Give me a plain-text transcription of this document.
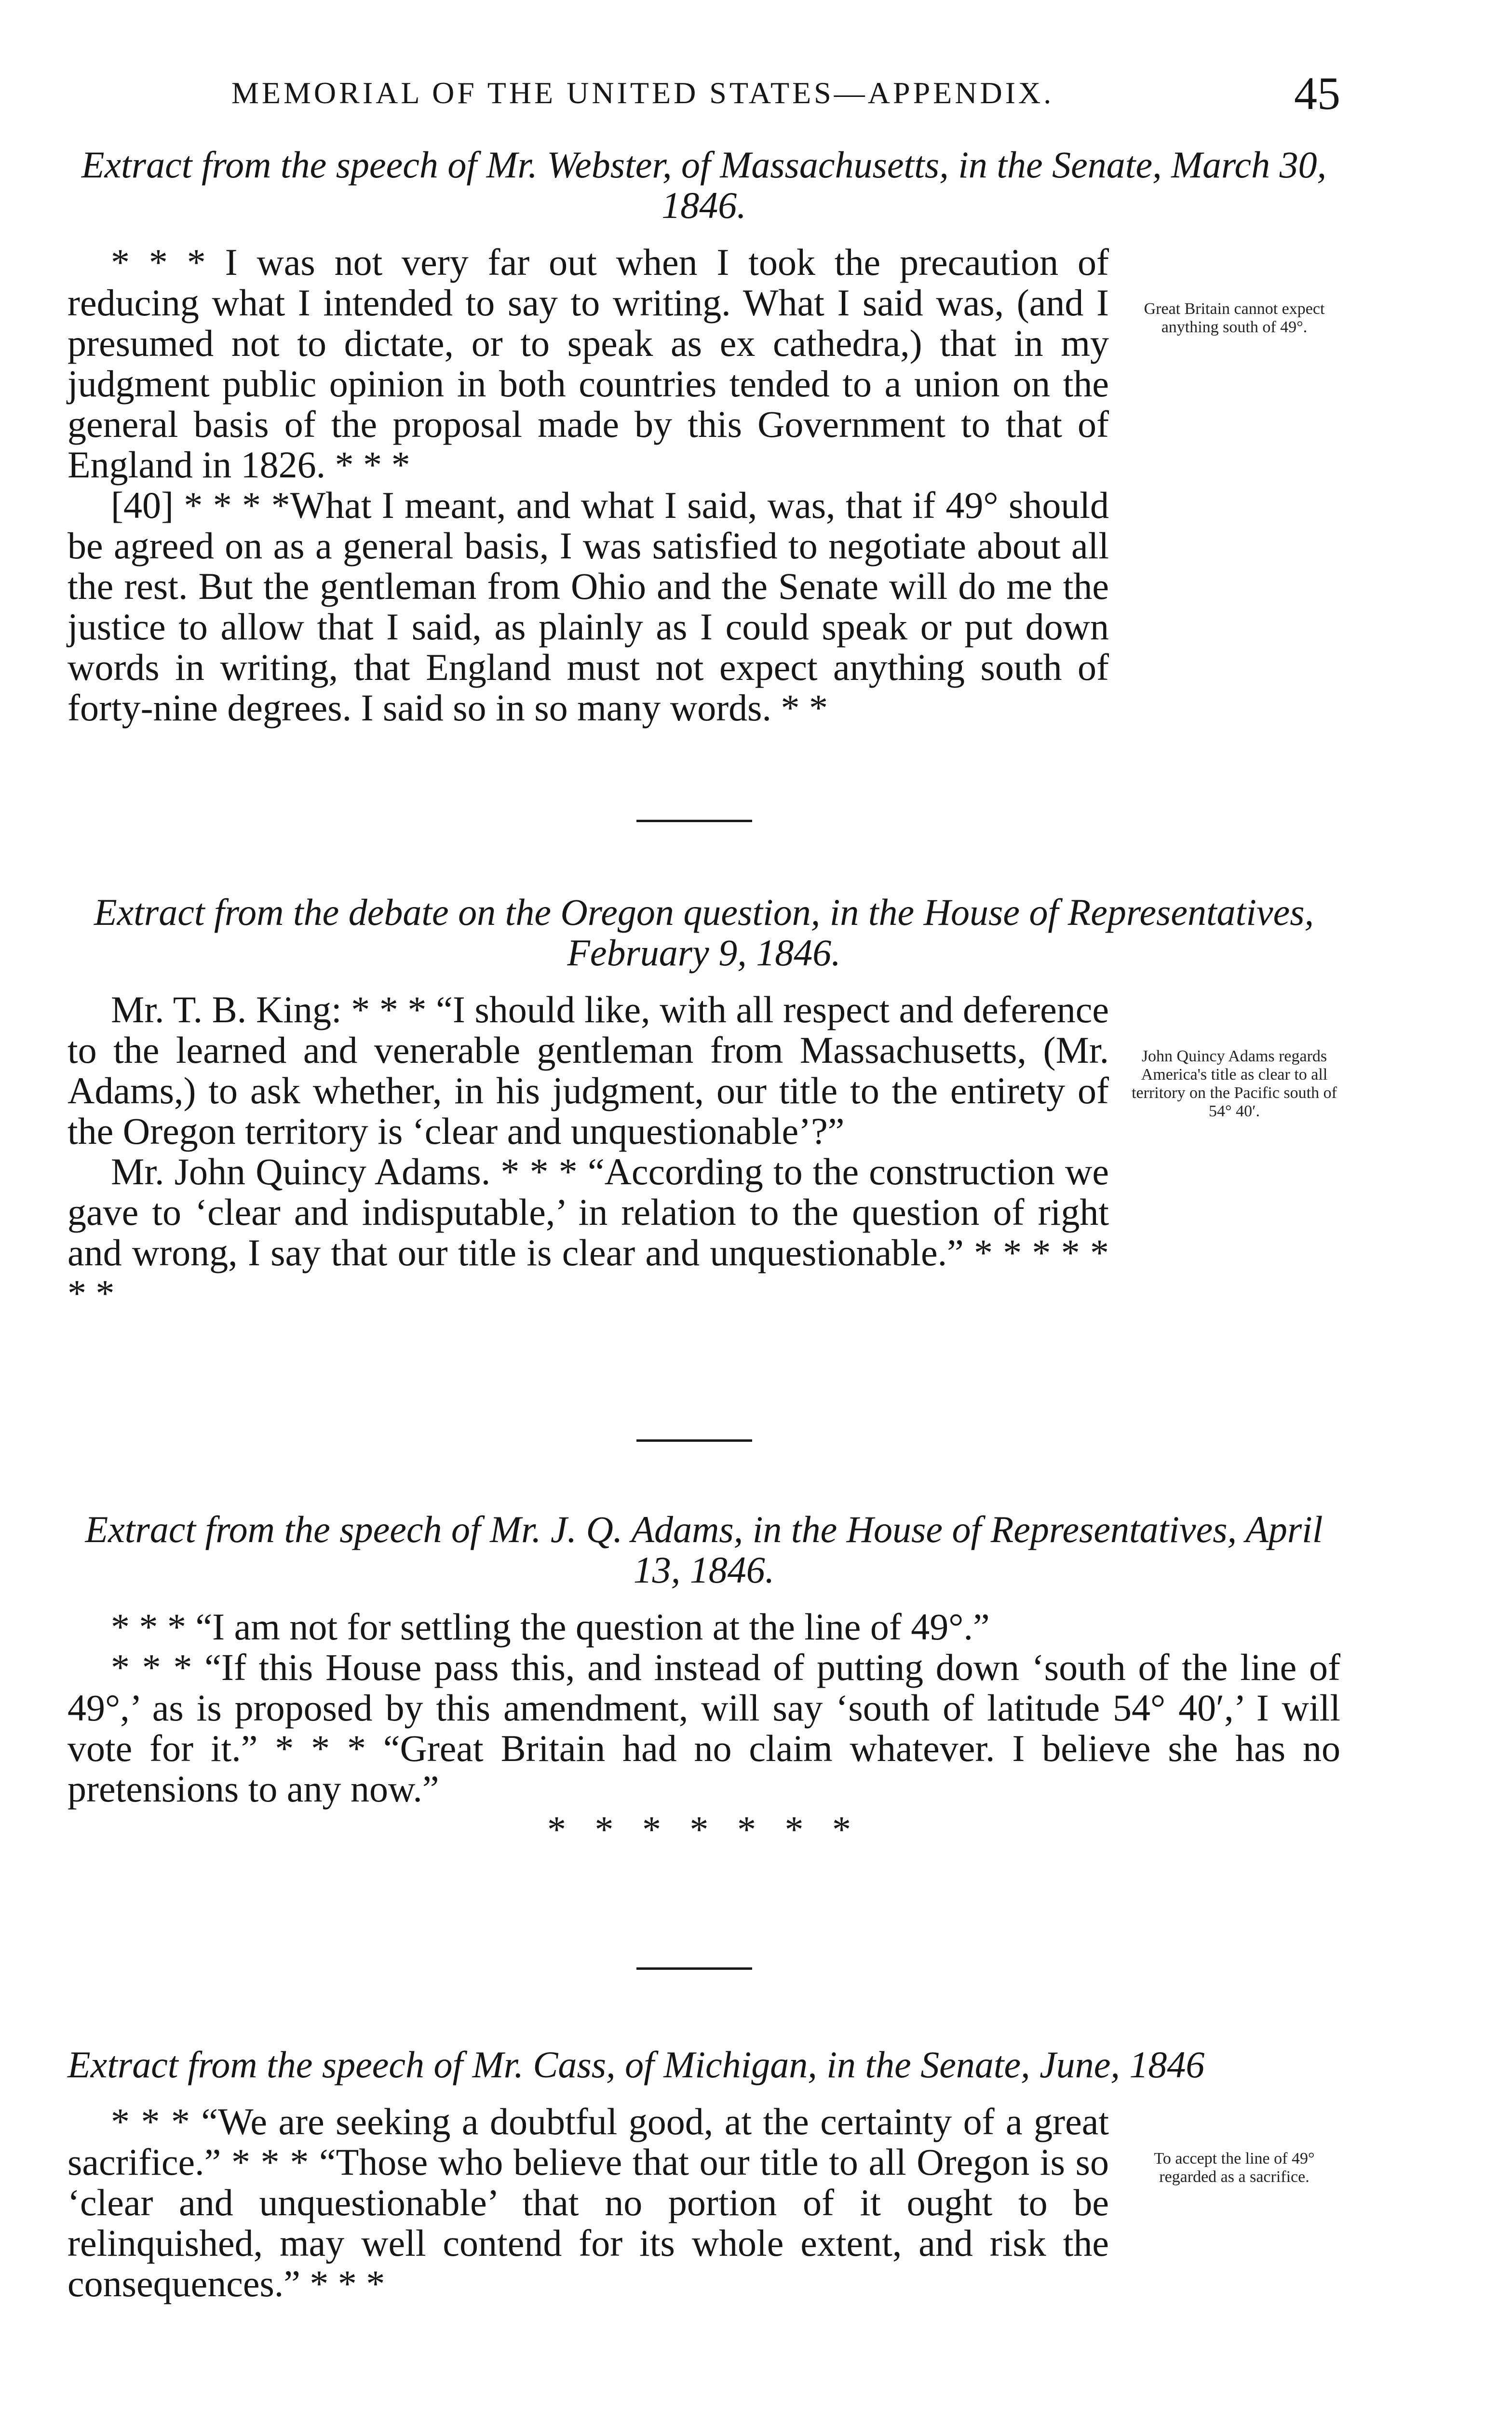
MEMORIAL OF THE UNITED STATES—APPENDIX.	45

Extract from the speech of Mr. Webster, of Massachusetts, in the Senate, March 30, 1846.

* * * I was not very far out when I took the precaution of reducing what I intended to say to writing. What I said was, (and I presumed not to dictate, or to speak as ex cathedra,) that in my judgment public opinion in both countries tended to a union on the general basis of the proposal made by this Government to that of England in 1826. * * *

[40] * * * *What I meant, and what I said, was, that if 49° should be agreed on as a general basis, I was satisfied to negotiate about all the rest. But the gentleman from Ohio and the Senate will do me the justice to allow that I said, as plainly as I could speak or put down words in writing, that England must not expect anything south of forty-nine degrees. I said so in so many words. * *

Great Britain cannot expect anything south of 49°.

Extract from the debate on the Oregon question, in the House of Representatives, February 9, 1846.

Mr. T. B. King: * * * “I should like, with all respect and deference to the learned and venerable gentleman from Massachusetts, (Mr. Adams,) to ask whether, in his judgment, our title to the entirety of the Oregon territory is ‘clear and unquestionable’?”

Mr. John Quincy Adams. * * * “According to the construction we gave to ‘clear and indisputable,’ in relation to the question of right and wrong, I say that our title is clear and unquestionable.” * * * * * * *

John Quincy Adams regards America's title as clear to all territory on the Pacific south of 54° 40′.

Extract from the speech of Mr. J. Q. Adams, in the House of Representatives, April 13, 1846.

* * * “I am not for settling the question at the line of 49°.”

* * * “If this House pass this, and instead of putting down ‘south of the line of 49°,’ as is proposed by this amendment, will say ‘south of latitude 54° 40′,’ I will vote for it.” * * * “Great Britain had no claim whatever. I believe she has no pretensions to any now.”

* * * * * * *

Extract from the speech of Mr. Cass, of Michigan, in the Senate, June, 1846

* * * “We are seeking a doubtful good, at the certainty of a great sacrifice.” * * * “Those who believe that our title to all Oregon is so ‘clear and unquestionable’ that no portion of it ought to be relinquished, may well contend for its whole extent, and risk the consequences.” * * *

To accept the line of 49° regarded as a sacrifice.
